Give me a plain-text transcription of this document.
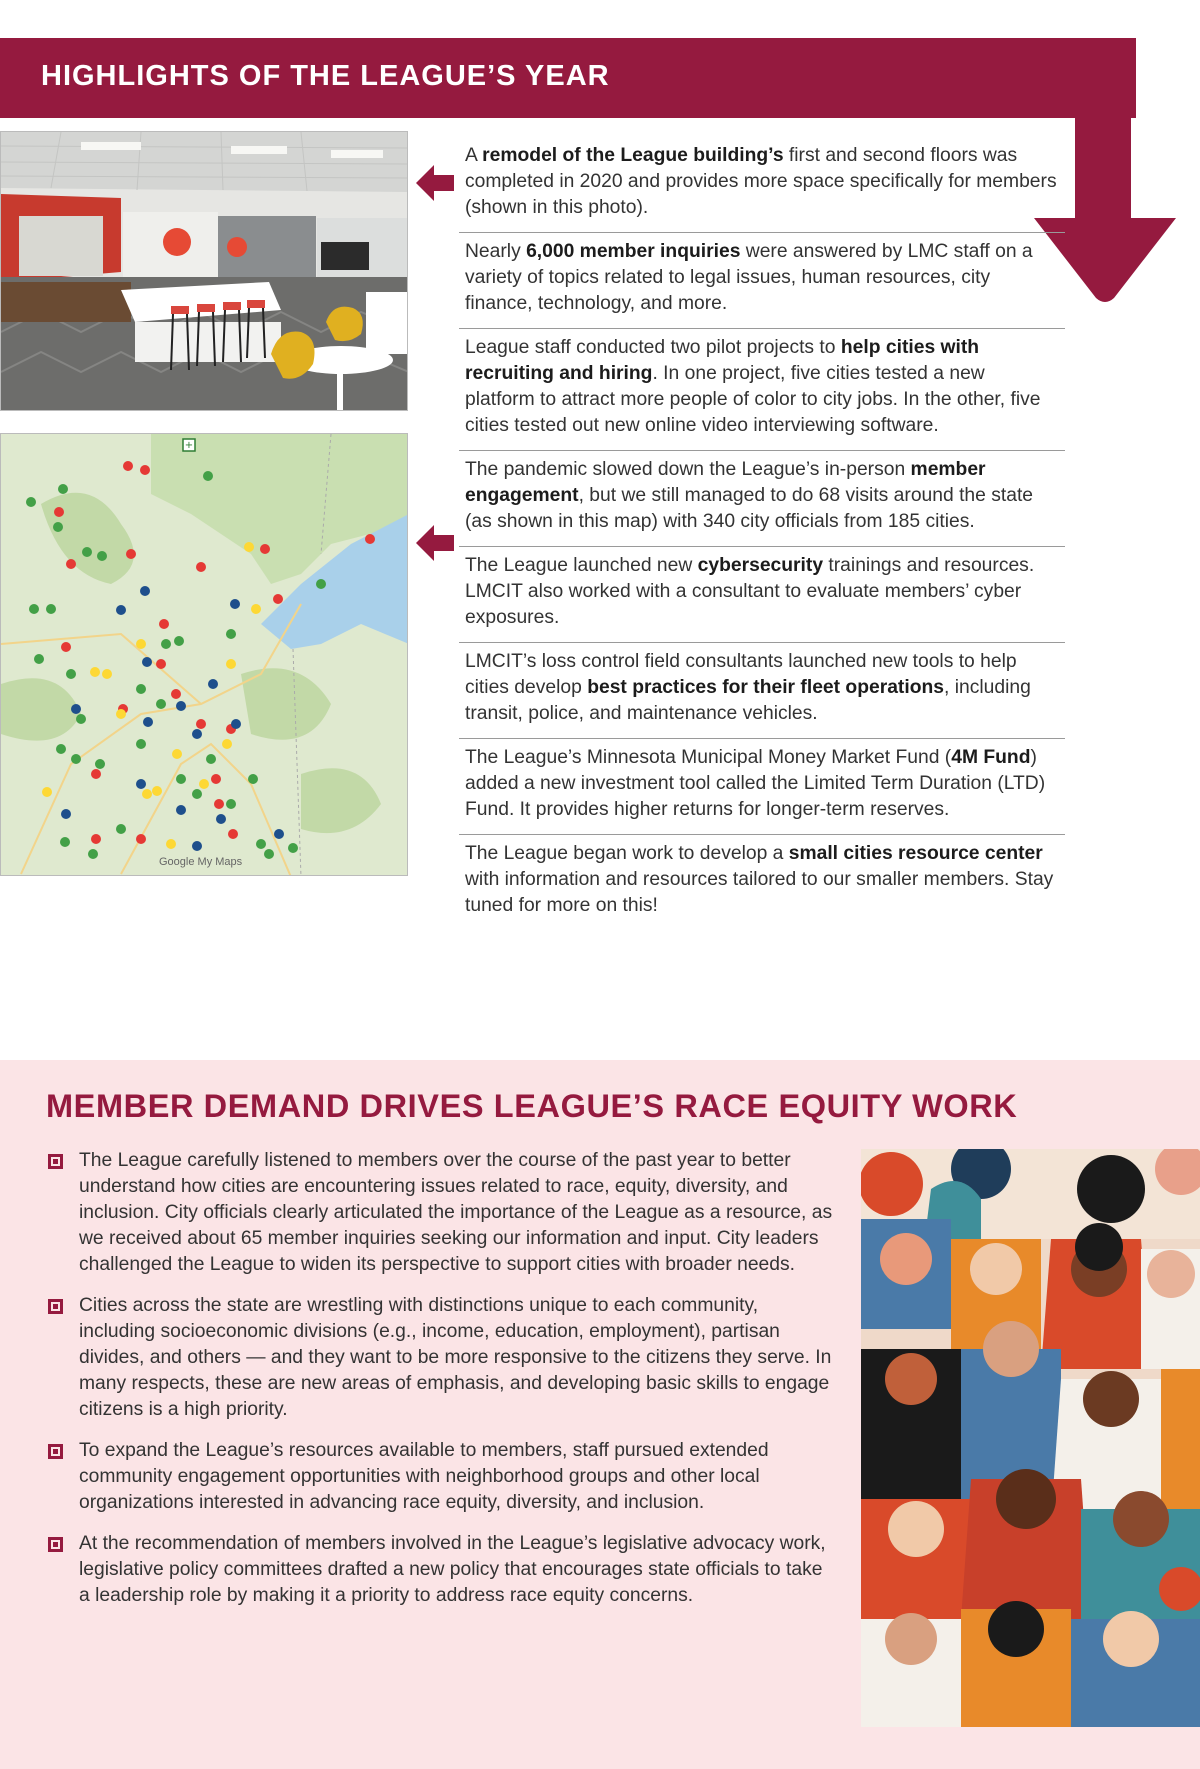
HIGHLIGHTS OF THE LEAGUE’S YEAR
+
Google My Maps
A remodel of the League building’s first and second floors was completed in 2020 and provides more space specifically for members (shown in this photo).
Nearly 6,000 member inquiries were answered by LMC staff on a variety of topics related to legal issues, human resources, city finance, technology, and more.
League staff conducted two pilot projects to help cities with recruiting and hiring. In one project, five cities tested a new platform to attract more people of color to city jobs. In the other, five cities tested out new online video interviewing software.
The pandemic slowed down the League’s in-person member engagement, but we still managed to do 68 visits around the state (as shown in this map) with 340 city officials from 185 cities.
The League launched new cybersecurity trainings and resources. LMCIT also worked with a consultant to evaluate members’ cyber exposures.
LMCIT’s loss control field consultants launched new tools to help cities develop best practices for their fleet operations, including transit, police, and maintenance vehicles.
The League’s Minnesota Municipal Money Market Fund (4M Fund) added a new investment tool called the Limited Term Duration (LTD) Fund. It provides higher returns for longer-term reserves.
The League began work to develop a small cities resource center with information and resources tailored to our smaller members. Stay tuned for more on this!
MEMBER DEMAND DRIVES LEAGUE’S RACE EQUITY WORK
The League carefully listened to members over the course of the past year to better understand how cities are encountering issues related to race, equity, diversity, and inclusion. City officials clearly articulated the importance of the League as a resource, as we received about 65 member inquiries seeking our information and input. City leaders challenged the League to widen its perspective to support cities with broader needs.
Cities across the state are wrestling with distinctions unique to each community, including socioeconomic divisions (e.g., income, education, employment), partisan divides, and others — and they want to be more responsive to the citizens they serve. In many respects, these are new areas of emphasis, and developing basic skills to engage citizens is a high priority.
To expand the League’s resources available to members, staff pursued extended community engagement opportunities with neighborhood groups and other local organizations interested in advancing race equity, diversity, and inclusion.
At the recommendation of members involved in the League’s legislative advocacy work, legislative policy committees drafted a new policy that encourages state officials to take a leadership role by making it a priority to address race equity concerns.
